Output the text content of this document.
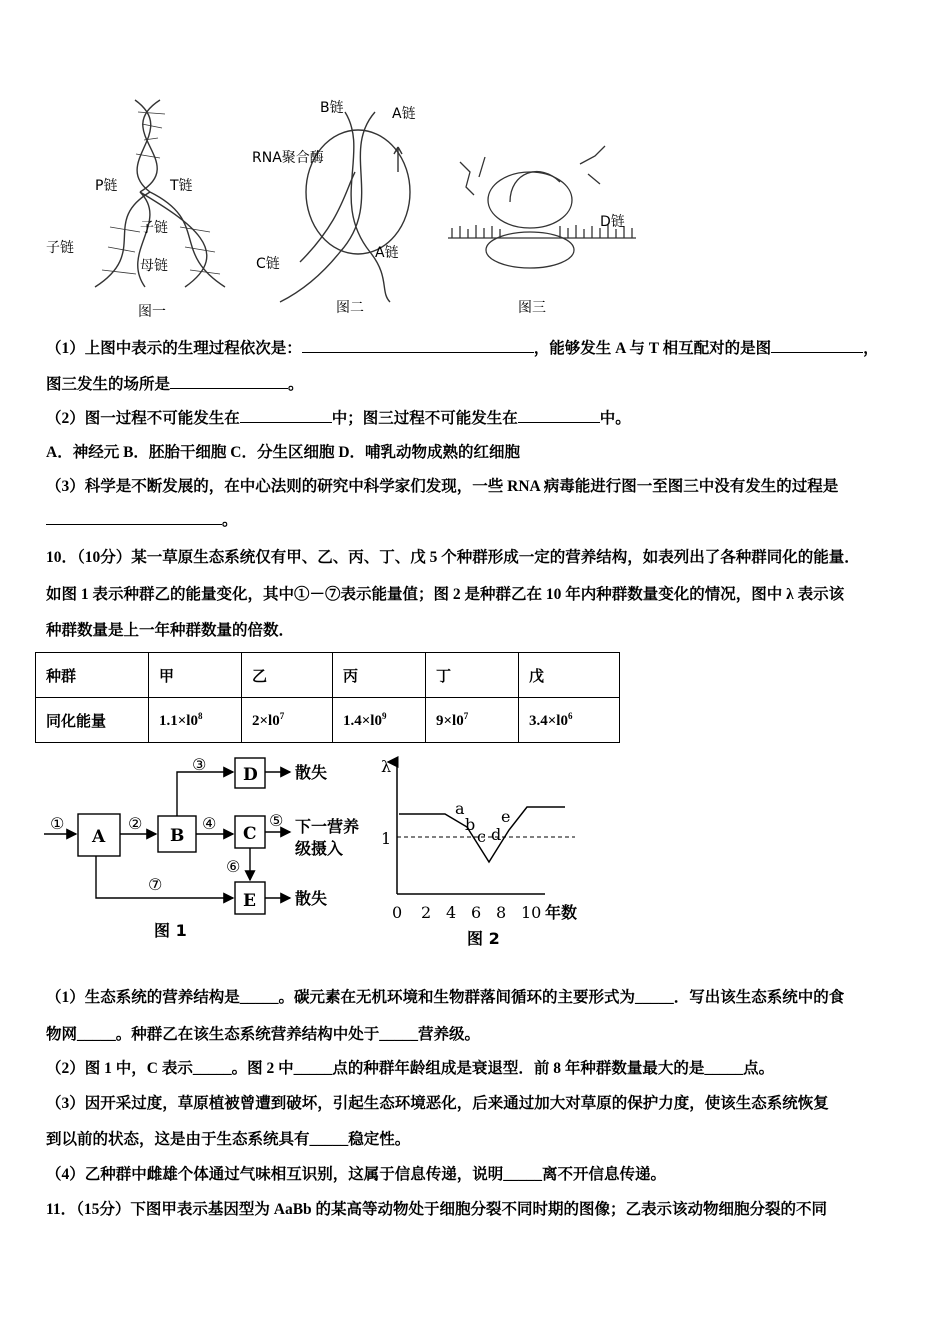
P链	T链
子链
子链
母链
图一
B链	A链
RNA聚合酶
C链
A链
图二
D链
图三
（1）上图中表示的生理过程依次是：	，能够发生 A 与 T 相互配对的是图	，
图三发生的场所是	。
（2）图一过程不可能发生在	中；图三过程不可能发生在	中。
A．神经元 B．胚胎干细胞 C．分生区细胞 D．哺乳动物成熟的红细胞
（3）科学是不断发展的，在中心法则的研究中科学家们发现，一些 RNA 病毒能进行图一至图三中没有发生的过程是
。
10．（10分）某一草原生态系统仅有甲、乙、丙、丁、戊 5 个种群形成一定的营养结构，如表列出了各种群同化的能量．
如图 1 表示种群乙的能量变化，其中①－⑦表示能量值；图 2 是种群乙在 10 年内种群数量变化的情况，图中 λ 表示该
种群数量是上一年种群数量的倍数．
种群	甲	乙	丙	丁	戊
同化能量	$1.1\times l0^8$	$2\times l0^7$	$1.4\times l0^9$	$9\times l0^7$	$3.4\times l0^6$
A	B	C
D
E
①	②
③
④	⑤
⑥
⑦
散失
下一营养
级摄入
散失
图 1
λ
1
0 2 4 6 8 10 年数
a
b
c d
e
图 2
（1）生态系统的营养结构是_____。碳元素在无机环境和生物群落间循环的主要形式为_____．写出该生态系统中的食
物网_____。种群乙在该生态系统营养结构中处于_____营养级。
（2）图 1 中，C 表示_____。图 2 中_____点的种群年龄组成是衰退型．前 8 年种群数量最大的是_____点。
（3）因开采过度，草原植被曾遭到破坏，引起生态环境恶化，后来通过加大对草原的保护力度，使该生态系统恢复
到以前的状态，这是由于生态系统具有_____稳定性。
（4）乙种群中雌雄个体通过气味相互识别，这属于信息传递，说明_____离不开信息传递。
11．（15分）下图甲表示基因型为 AaBb 的某高等动物处于细胞分裂不同时期的图像；乙表示该动物细胞分裂的不同
